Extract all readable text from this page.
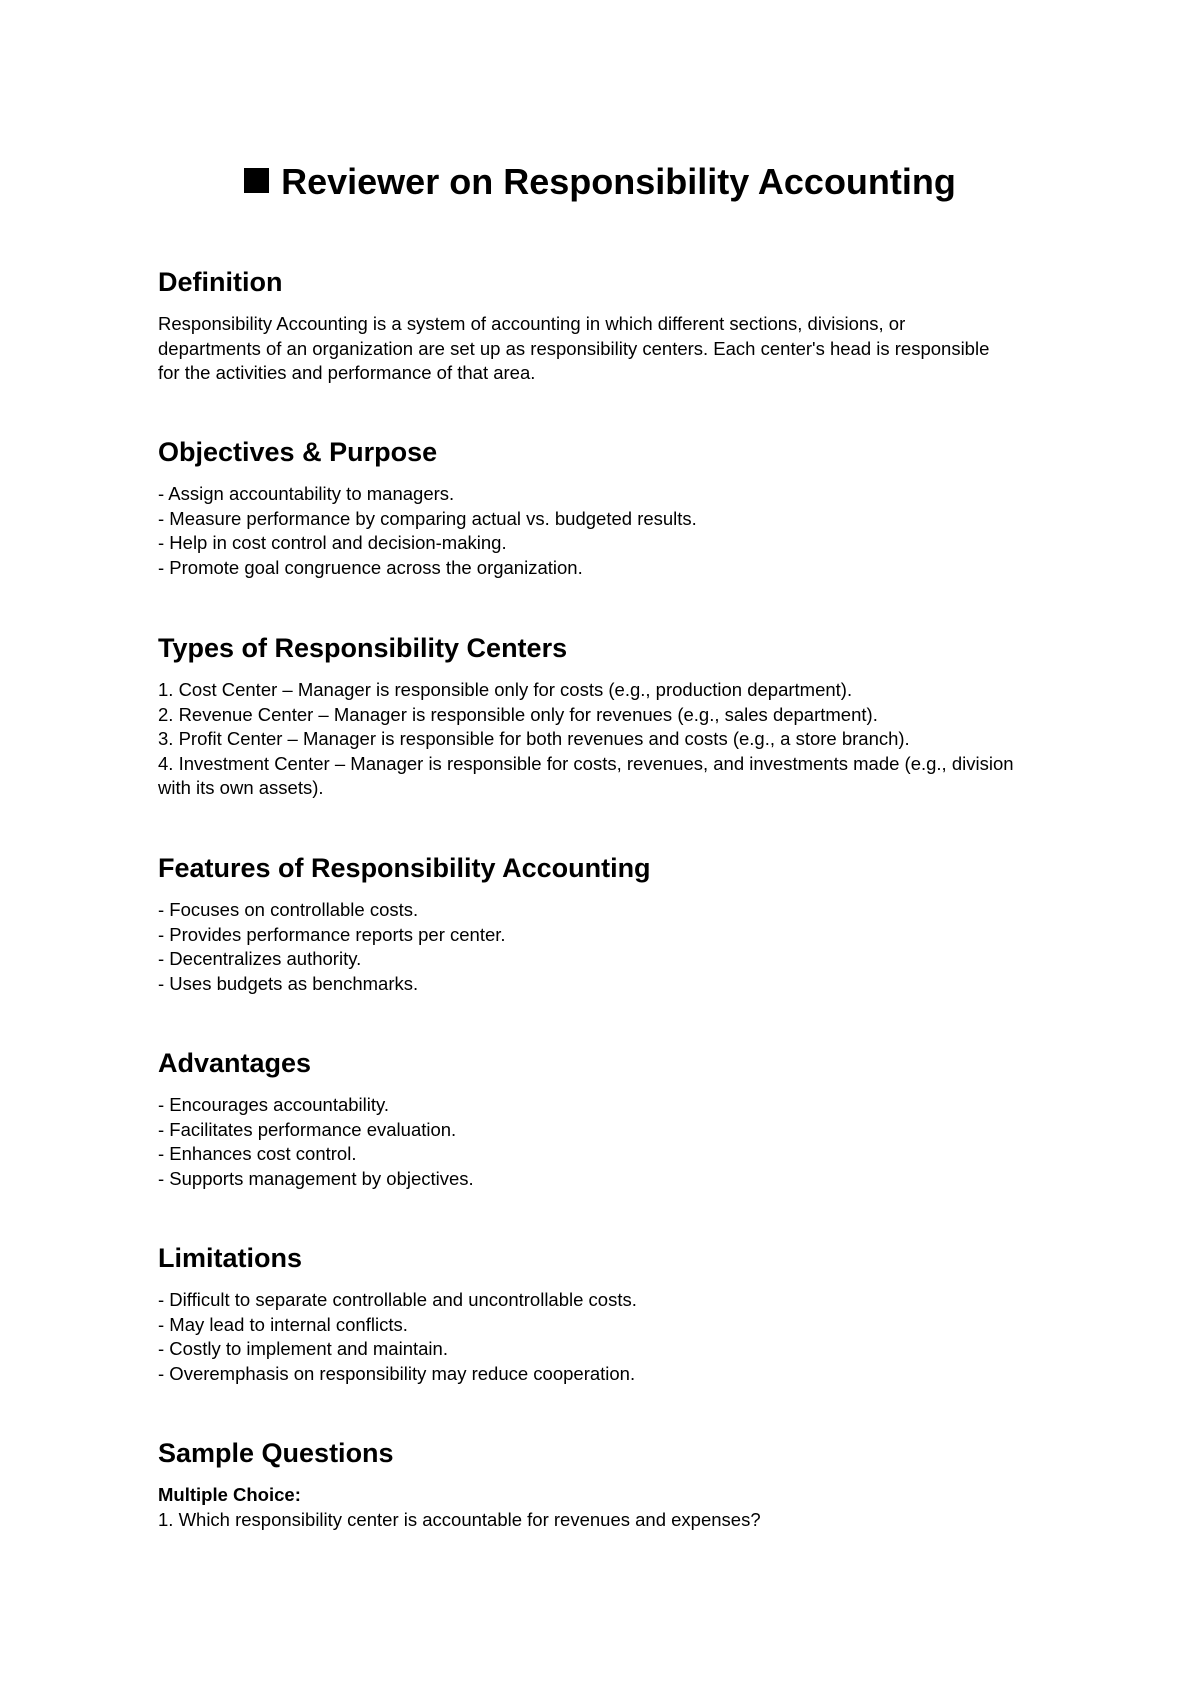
Reviewer on Responsibility Accounting
Definition

Responsibility Accounting is a system of accounting in which different sections, divisions, or departments of an organization are set up as responsibility centers. Each center's head is responsible for the activities and performance of that area.

Objectives & Purpose

- Assign accountability to managers.

- Measure performance by comparing actual vs. budgeted results.

- Help in cost control and decision-making.

- Promote goal congruence across the organization.

Types of Responsibility Centers

1. Cost Center – Manager is responsible only for costs (e.g., production department).

2. Revenue Center – Manager is responsible only for revenues (e.g., sales department).

3. Profit Center – Manager is responsible for both revenues and costs (e.g., a store branch).

4. Investment Center – Manager is responsible for costs, revenues, and investments made (e.g., division with its own assets).

Features of Responsibility Accounting

- Focuses on controllable costs.

- Provides performance reports per center.

- Decentralizes authority.

- Uses budgets as benchmarks.

Advantages

- Encourages accountability.

- Facilitates performance evaluation.

- Enhances cost control.

- Supports management by objectives.

Limitations

- Difficult to separate controllable and uncontrollable costs.

- May lead to internal conflicts.

- Costly to implement and maintain.

- Overemphasis on responsibility may reduce cooperation.

Sample Questions

Multiple Choice:

1. Which responsibility center is accountable for revenues and expenses?
